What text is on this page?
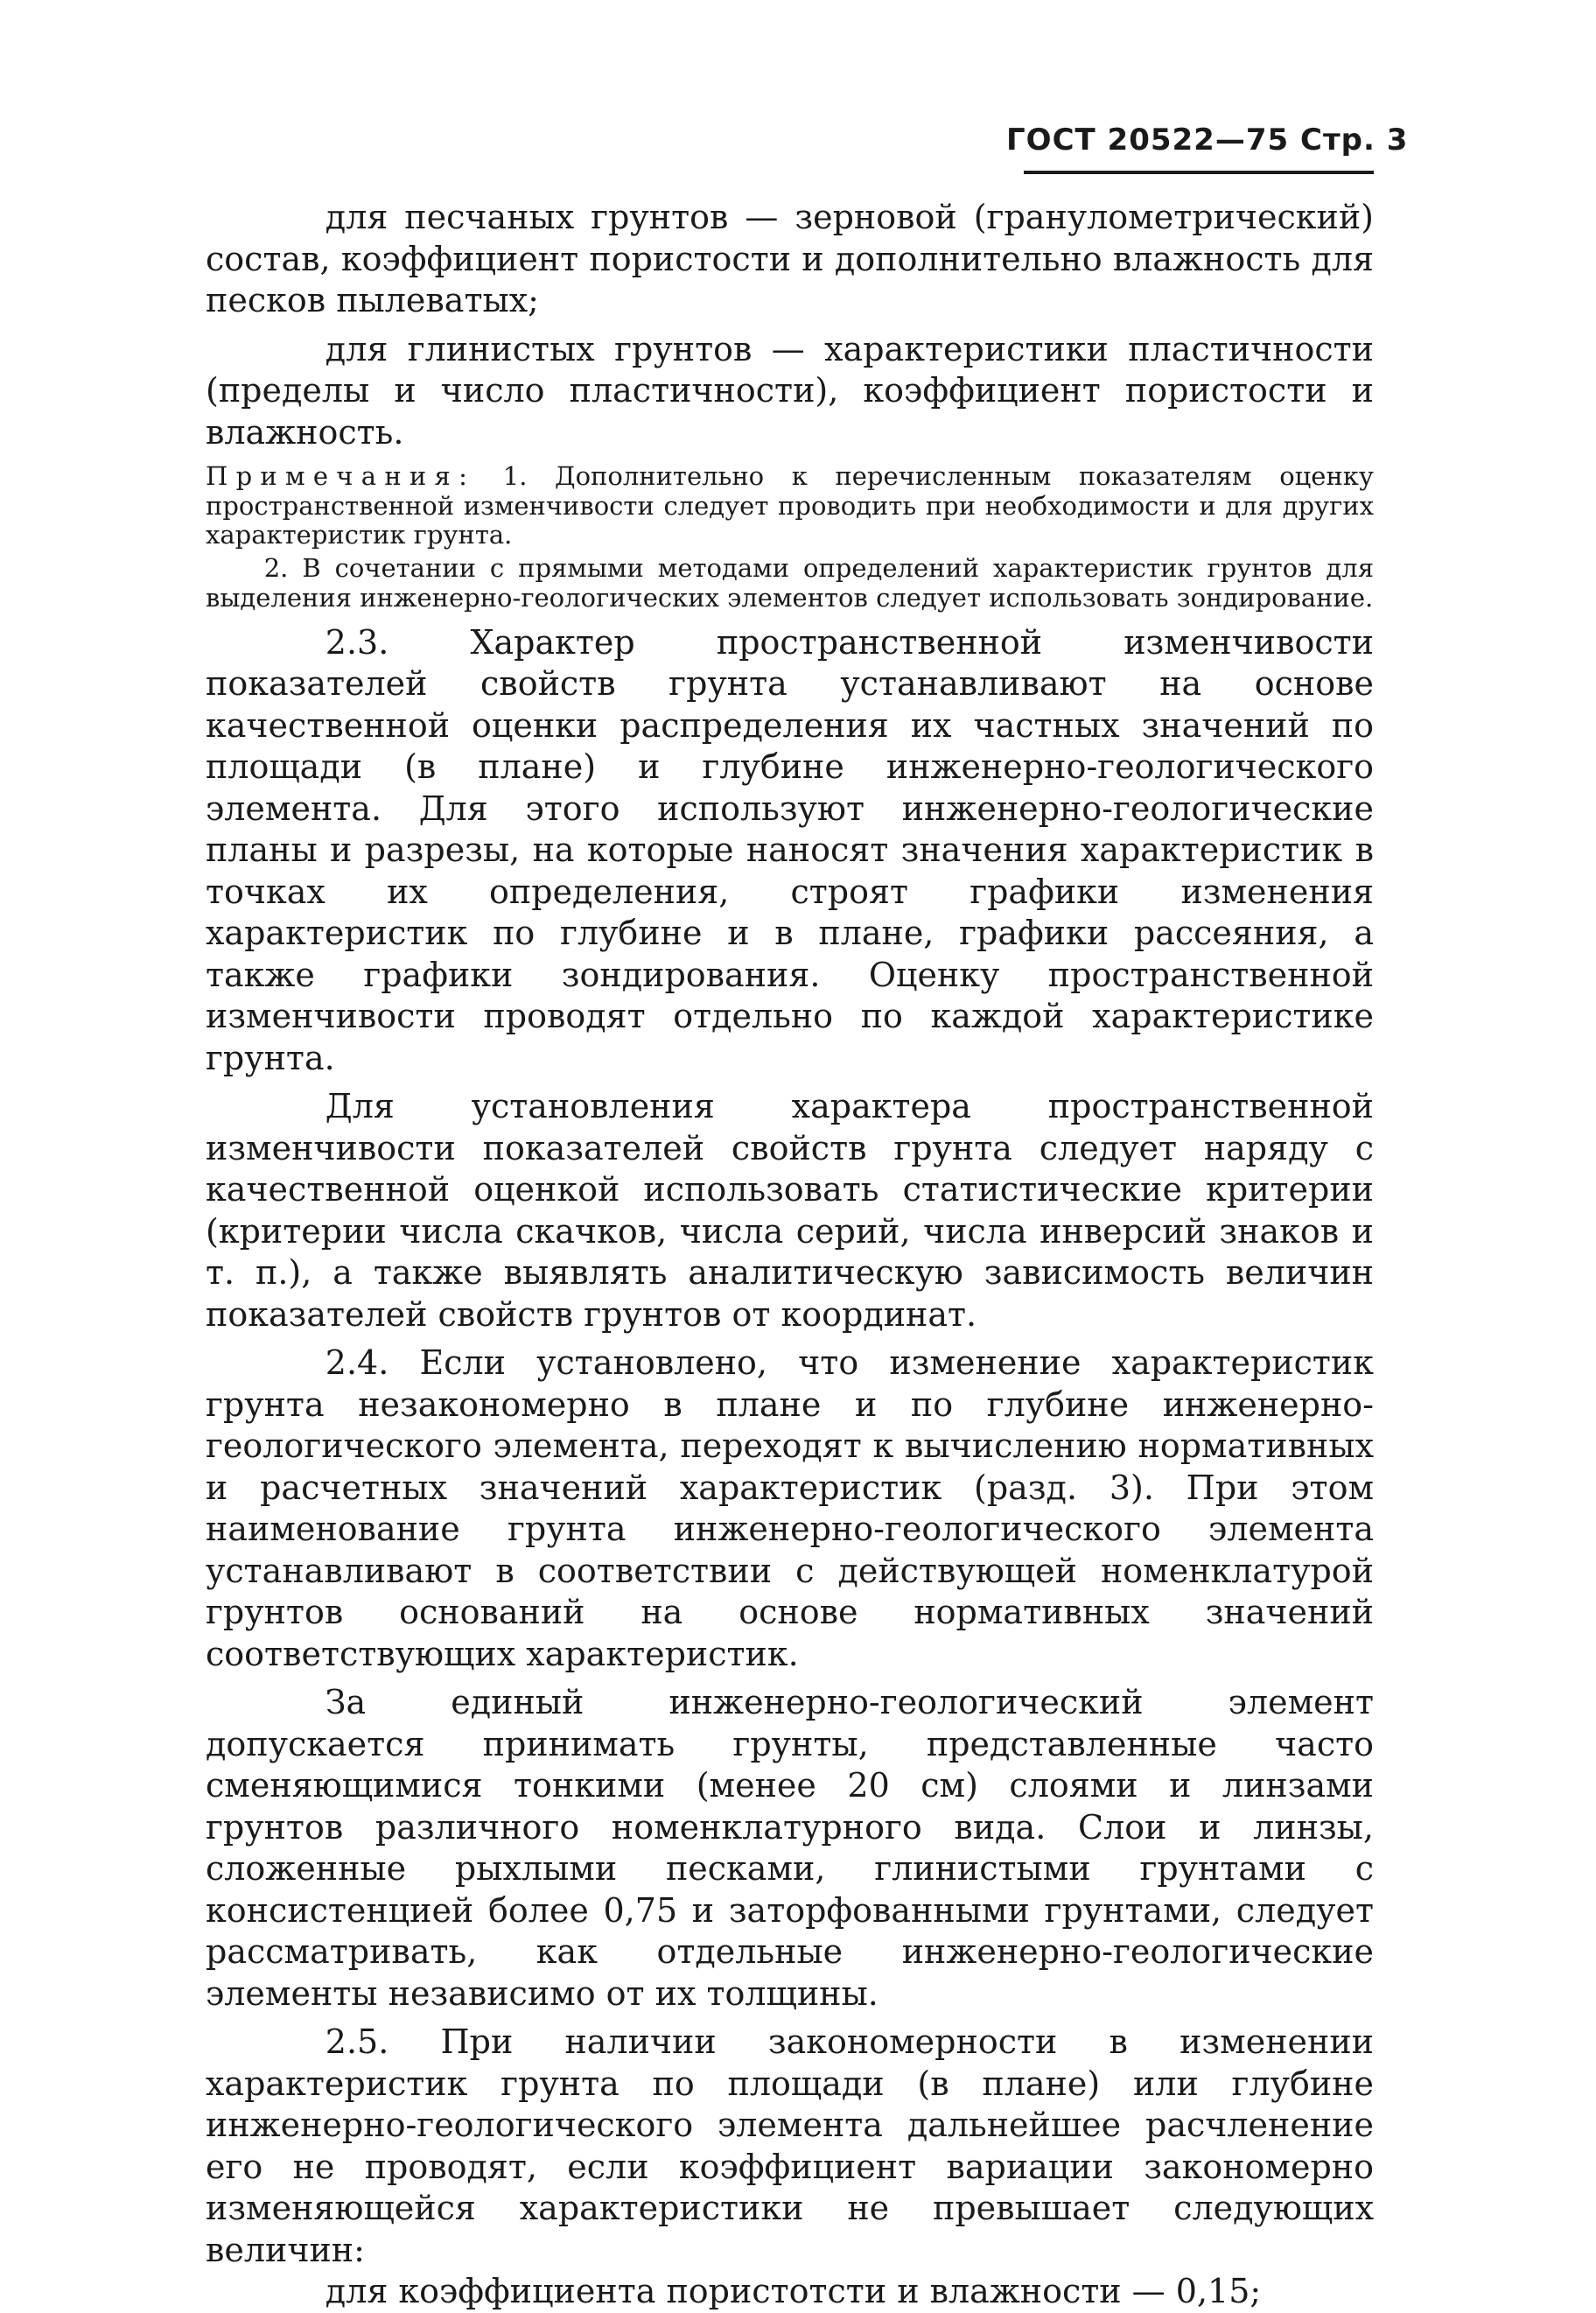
ГОСТ 20522—75 Стр. 3

для песчаных грунтов — зерновой (гранулометрический) состав, коэффициент пористости и дополнительно влажность для песков пылеватых;

для глинистых грунтов — характеристики пластичности (пределы и число пластичности), коэффициент пористости и влажность.

Примечания: 1. Дополнительно к перечисленным показателям оценку пространственной изменчивости следует проводить при необходимости и для других характеристик грунта.

2. В сочетании с прямыми методами определений характеристик грунтов для выделения инженерно-геологических элементов следует использовать зондирование.

2.3. Характер пространственной изменчивости показателей свойств грунта устанавливают на основе качественной оценки распределения их частных значений по площади (в плане) и глубине инженерно-геологического элемента. Для этого используют инженерно-геологические планы и разрезы, на которые наносят значения характеристик в точках их определения, строят графики изменения характеристик по глубине и в плане, графики рассеяния, а также графики зондирования. Оценку пространственной изменчивости проводят отдельно по каждой характеристике грунта.

Для установления характера пространственной изменчивости показателей свойств грунта следует наряду с качественной оценкой использовать статистические критерии (критерии числа скачков, числа серий, числа инверсий знаков и т. п.), а также выявлять аналитическую зависимость величин показателей свойств грунтов от координат.

2.4. Если установлено, что изменение характеристик грунта незакономерно в плане и по глубине инженерно-геологического элемента, переходят к вычислению нормативных и расчетных значений характеристик (разд. 3). При этом наименование грунта инженерно-геологического элемента устанавливают в соответствии с действующей номенклатурой грунтов оснований на основе нормативных значений соответствующих характеристик.

За единый инженерно-геологический элемент допускается принимать грунты, представленные часто сменяющимися тонкими (менее 20 см) слоями и линзами грунтов различного номенклатурного вида. Слои и линзы, сложенные рыхлыми песками, глинистыми грунтами с консистенцией более 0,75 и заторфованными грунтами, следует рассматривать, как отдельные инженерно-геологические элементы независимо от их толщины.

2.5. При наличии закономерности в изменении характеристик грунта по площади (в плане) или глубине инженерно-геологического элемента дальнейшее расчленение его не проводят, если коэффициент вариации закономерно изменяющейся характеристики не превышает следующих величин:

для коэффициента пористотсти и влажности — 0,15;
